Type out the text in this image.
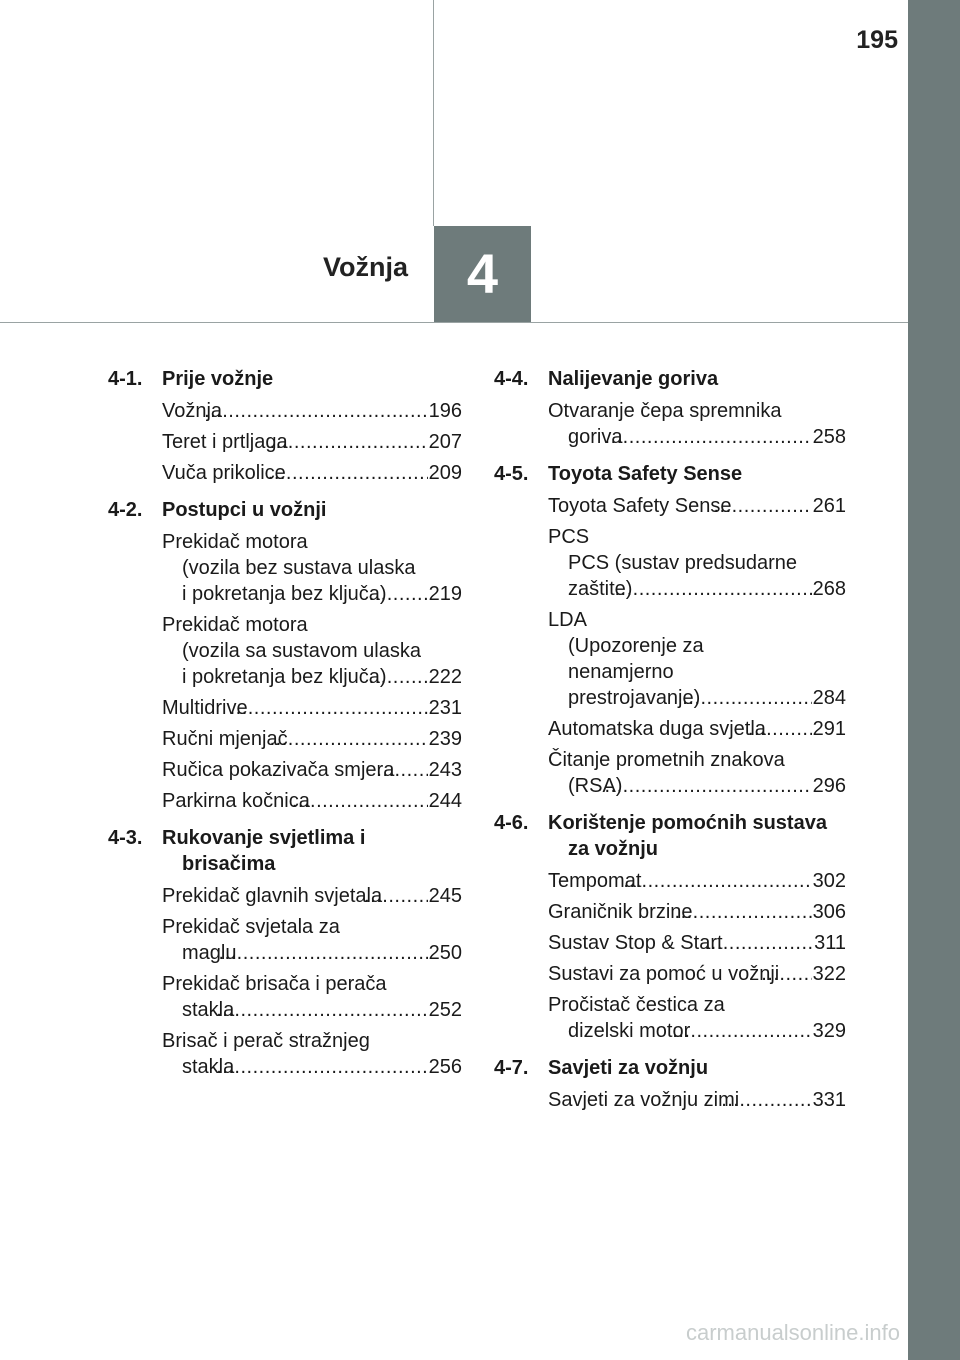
195
Vožnja	4
4-1. Prije vožnje
Vožnja .....	196
Teret i prtljaga .....	207
Vuča prikolice .....	209
4-2. Postupci u vožnji
Prekidač motora
(vozila bez sustava ulaska
i pokretanja bez ključa) .....	219
Prekidač motora
(vozila sa sustavom ulaska
i pokretanja bez ključa) .....	222
Multidrive .....	231
Ručni mjenjač .....	239
Ručica pokazivača smjera .....	243
Parkirna kočnica .....	244
4-3. Rukovanje svjetlima i brisačima
Prekidač glavnih svjetala .....	245
Prekidač svjetala za
maglu .....	250
Prekidač brisača i perača
stakla .....	252
Brisač i perač stražnjeg
stakla .....	256
4-4. Nalijevanje goriva
Otvaranje čepa spremnika
goriva .....	258
4-5. Toyota Safety Sense
Toyota Safety Sense .....	261
PCS
PCS (sustav predsudarne
zaštite) .....	268
LDA
(Upozorenje za nenamjerno
prestrojavanje) .....	284
Automatska duga svjetla .....	291
Čitanje prometnih znakova
(RSA) .....	296
4-6. Korištenje pomoćnih sustava za vožnju
Tempomat .....	302
Graničnik brzine .....	306
Sustav Stop & Start .....	311
Sustavi za pomoć u vožnji .....	322
Pročistač čestica za
dizelski motor .....	329
4-7. Savjeti za vožnju
Savjeti za vožnju zimi .....	331
carmanualsonline.info
